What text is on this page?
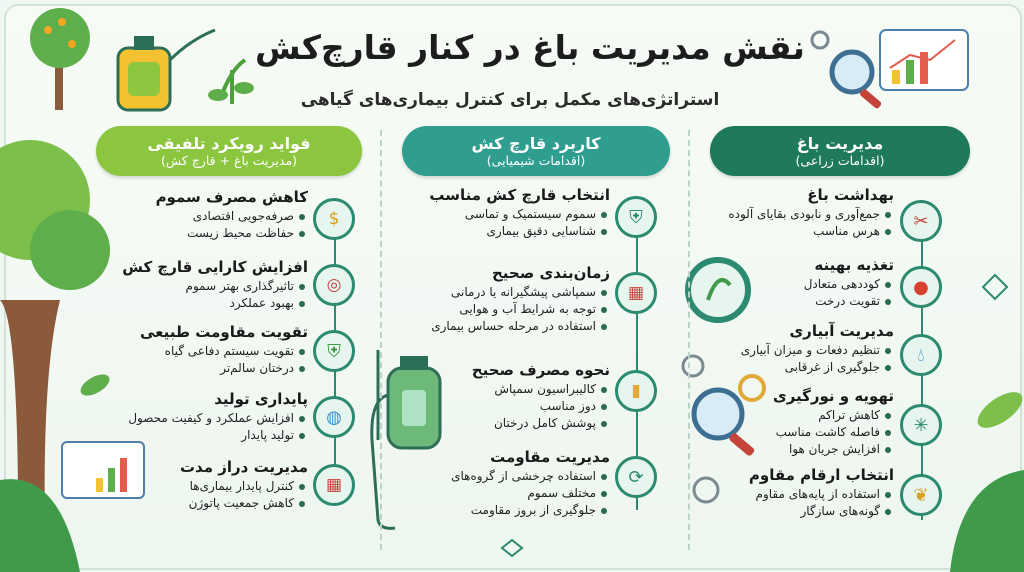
نقش مدیریت باغ در کنار قارچ‌کش
استراتژی‌های مکمل برای کنترل بیماری‌های گیاهی
مدیریت باغ
(اقدامات زراعی)
کاربرد قارچ کش
(اقدامات شیمیایی)
فواید رویکرد تلفیقی
(مدیریت باغ + قارچ کش)
✂
بهداشت باغ
جمع‌آوری و نابودی بقایای آلوده
هرس مناسب
●
تغذیه بهینه
کوددهی متعادل
تقویت درخت
💧︎
مدیریت آبیاری
تنظیم دفعات و میزان آبیاری
جلوگیری از غرقابی
✳
تهویه و نورگیری
کاهش تراکم
فاصله کاشت مناسب
افزایش جریان هوا
❦
انتخاب ارقام مقاوم
استفاده از پایه‌های مقاوم
گونه‌های سازگار
⛨
انتخاب قارچ کش مناسب
سموم سیستمیک و تماسی
شناسایی دقیق بیماری
▦
زمان‌بندی صحیح
سمپاشی پیشگیرانه یا درمانی
توجه به شرایط آب و هوایی
استفاده در مرحله حساس بیماری
▮
نحوه مصرف صحیح
کالیبراسیون سمپاش
دوز مناسب
پوشش کامل درختان
⟳
مدیریت مقاومت
استفاده چرخشی از گروه‌های
مختلف سموم
جلوگیری از بروز مقاومت
$
کاهش مصرف سموم
صرفه‌جویی اقتصادی
حفاظت محیط زیست
◎
افزایش کارایی قارچ کش
تاثیرگذاری بهتر سموم
بهبود عملکرد
⛨
تقویت مقاومت طبیعی
تقویت سیستم دفاعی گیاه
درختان سالم‌تر
◍
پایداری تولید
افزایش عملکرد و کیفیت محصول
تولید پایدار
▦
مدیریت دراز مدت
کنترل پایدار بیماری‌ها
کاهش جمعیت پاتوژن
